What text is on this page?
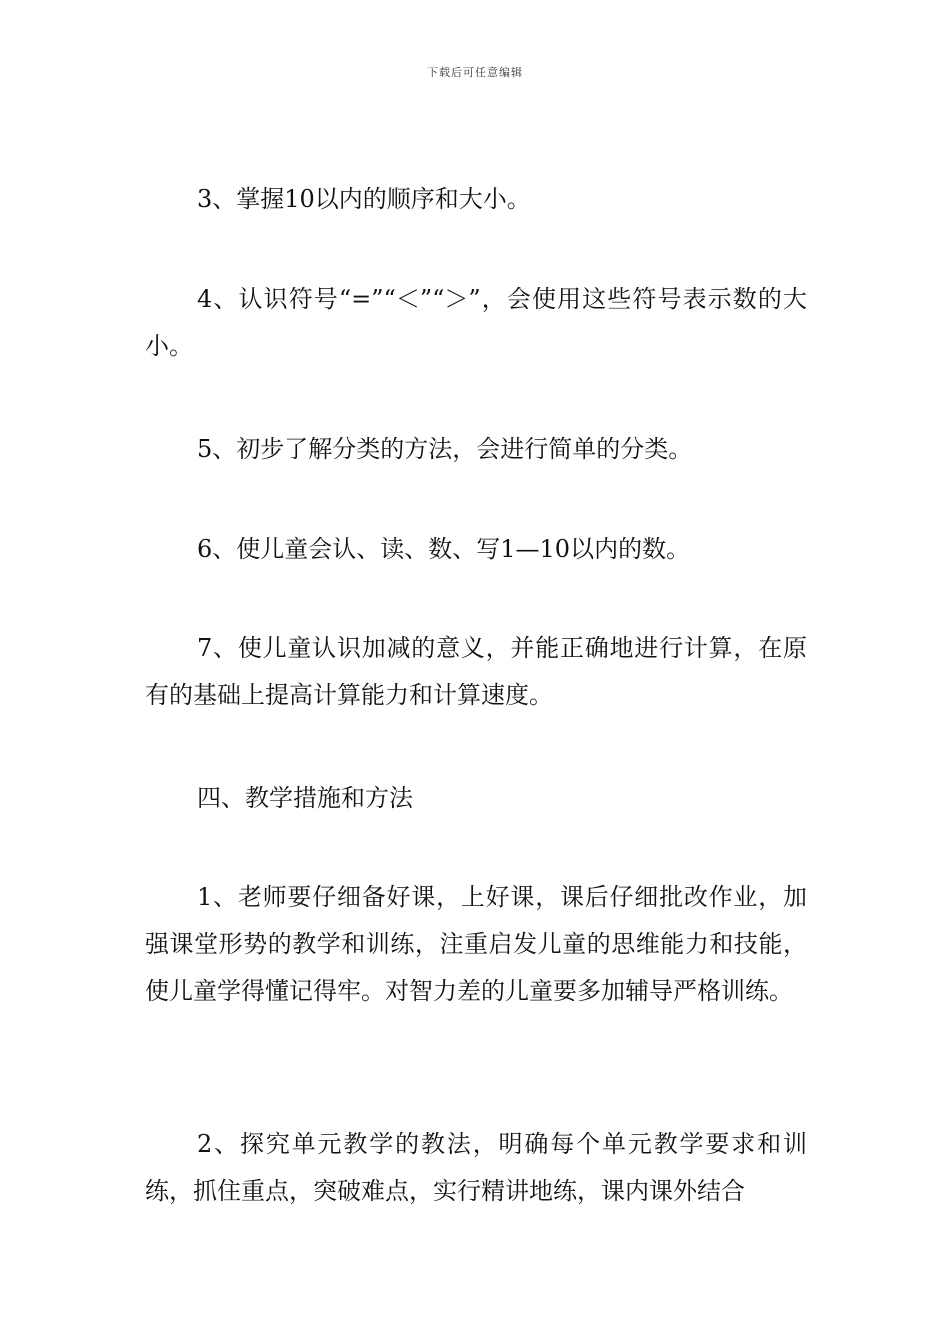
下载后可任意编辑

3、掌握10以内的顺序和大小。

4、认识符号“=”“＜”“＞”，会使用这些符号表示数的大小。

5、初步了解分类的方法，会进行简单的分类。

6、使儿童会认、读、数、写1—10以内的数。

7、使儿童认识加减的意义，并能正确地进行计算，在原有的基础上提高计算能力和计算速度。

四、教学措施和方法

1、老师要仔细备好课，上好课，课后仔细批改作业，加强课堂形势的教学和训练，注重启发儿童的思维能力和技能，使儿童学得懂记得牢。对智力差的儿童要多加辅导严格训练。

2、探究单元教学的教法，明确每个单元教学要求和训练，抓住重点，突破难点，实行精讲地练，课内课外结合
